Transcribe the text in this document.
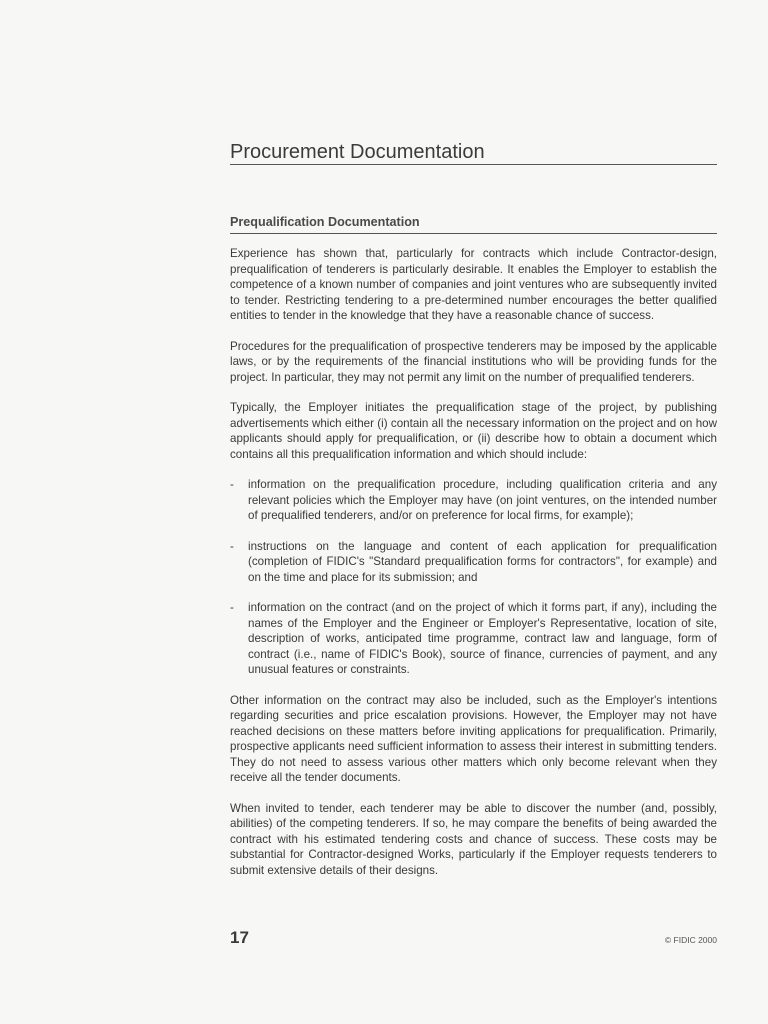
Procurement Documentation
Prequalification Documentation

Experience has shown that, particularly for contracts which include Contractor-design, prequalification of tenderers is particularly desirable. It enables the Employer to establish the competence of a known number of companies and joint ventures who are subsequently invited to tender. Restricting tendering to a pre-determined number encourages the better qualified entities to tender in the knowledge that they have a reasonable chance of success.

Procedures for the prequalification of prospective tenderers may be imposed by the applicable laws, or by the requirements of the financial institutions who will be providing funds for the project. In particular, they may not permit any limit on the number of prequalified tenderers.

Typically, the Employer initiates the prequalification stage of the project, by publishing advertisements which either (i) contain all the necessary information on the project and on how applicants should apply for prequalification, or (ii) describe how to obtain a document which contains all this prequalification information and which should include:

- information on the prequalification procedure, including qualification criteria and any relevant policies which the Employer may have (on joint ventures, on the intended number of prequalified tenderers, and/or on preference for local firms, for example);
- instructions on the language and content of each application for prequalification (completion of FIDIC's "Standard prequalification forms for contractors", for example) and on the time and place for its submission; and
- information on the contract (and on the project of which it forms part, if any), including the names of the Employer and the Engineer or Employer's Representative, location of site, description of works, anticipated time programme, contract law and language, form of contract (i.e., name of FIDIC's Book), source of finance, currencies of payment, and any unusual features or constraints.

Other information on the contract may also be included, such as the Employer's intentions regarding securities and price escalation provisions. However, the Employer may not have reached decisions on these matters before inviting applications for prequalification. Primarily, prospective applicants need sufficient information to assess their interest in submitting tenders. They do not need to assess various other matters which only become relevant when they receive all the tender documents.

When invited to tender, each tenderer may be able to discover the number (and, possibly, abilities) of the competing tenderers. If so, he may compare the benefits of being awarded the contract with his estimated tendering costs and chance of success. These costs may be substantial for Contractor-designed Works, particularly if the Employer requests tenderers to submit extensive details of their designs.

17	© FIDIC 2000
